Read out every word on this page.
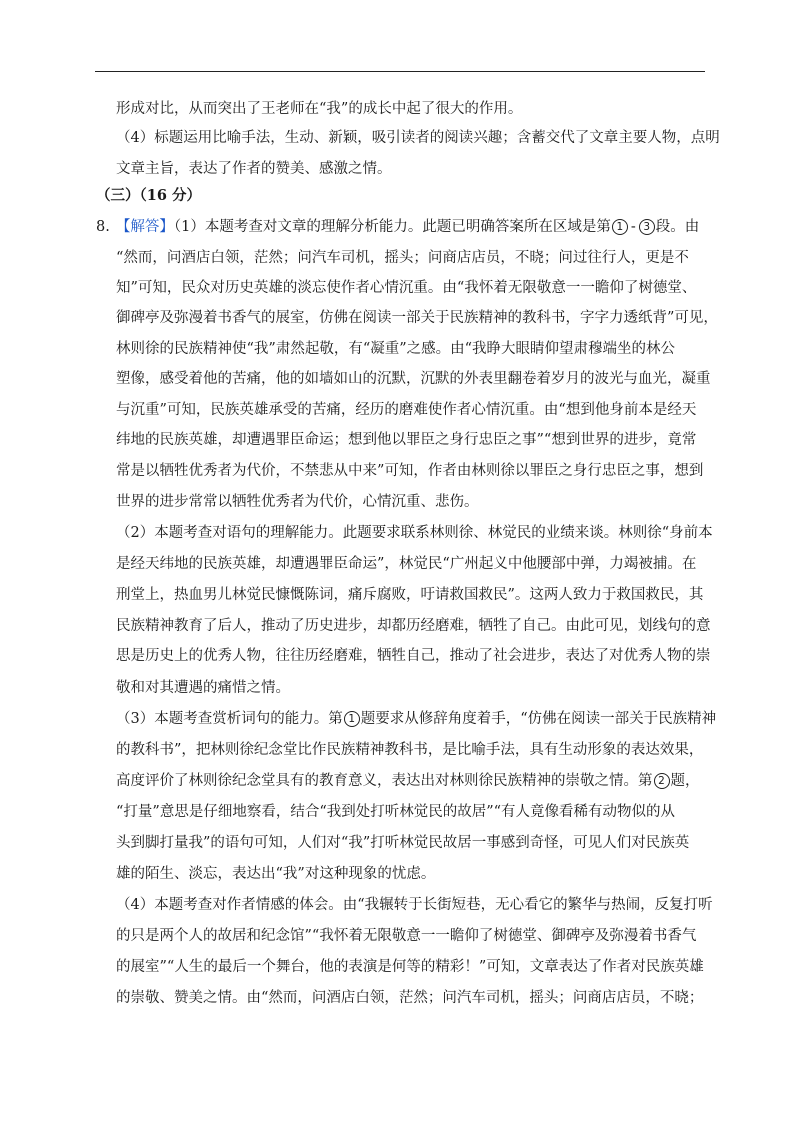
形成对比，从而突出了王老师在“我”的成长中起了很大的作用。
（4）标题运用比喻手法，生动、新颖，吸引读者的阅读兴趣；含蓄交代了文章主要人物，点明
文章主旨，表达了作者的赞美、感激之情。
（三）（16 分）
8. 【解答】（1）本题考查对文章的理解分析能力。此题已明确答案所在区域是第 1 - 3 段。由
“然而，问酒店白领，茫然；问汽车司机，摇头；问商店店员，不晓；问过往行人，更是不
知”可知，民众对历史英雄的淡忘使作者心情沉重。由“我怀着无限敬意一一瞻仰了树德堂、
御碑亭及弥漫着书香气的展室，仿佛在阅读一部关于民族精神的教科书，字字力透纸背”可见，
林则徐的民族精神使“我”肃然起敬，有“凝重”之感。由“我睁大眼睛仰望肃穆端坐的林公
塑像，感受着他的苦痛，他的如墙如山的沉默，沉默的外表里翻卷着岁月的波光与血光，凝重
与沉重”可知，民族英雄承受的苦痛，经历的磨难使作者心情沉重。由“想到他身前本是经天
纬地的民族英雄，却遭遇罪臣命运；想到他以罪臣之身行忠臣之事”“想到世界的进步，竟常
常是以牺牲优秀者为代价，不禁悲从中来”可知，作者由林则徐以罪臣之身行忠臣之事，想到
世界的进步常常以牺牲优秀者为代价，心情沉重、悲伤。
（2）本题考查对语句的理解能力。此题要求联系林则徐、林觉民的业绩来谈。林则徐“身前本
是经天纬地的民族英雄，却遭遇罪臣命运”，林觉民“广州起义中他腰部中弹，力竭被捕。在
刑堂上，热血男儿林觉民慷慨陈词，痛斥腐败，吁请救国救民”。这两人致力于救国救民，其
民族精神教育了后人，推动了历史进步，却都历经磨难，牺牲了自己。由此可见，划线句的意
思是历史上的优秀人物，往往历经磨难，牺牲自己，推动了社会进步，表达了对优秀人物的崇
敬和对其遭遇的痛惜之情。
（3）本题考查赏析词句的能力。第 1 题要求从修辞角度着手，“仿佛在阅读一部关于民族精神
的教科书”，把林则徐纪念堂比作民族精神教科书，是比喻手法，具有生动形象的表达效果，
高度评价了林则徐纪念堂具有的教育意义，表达出对林则徐民族精神的崇敬之情。第 2 题，
“打量”意思是仔细地察看，结合“我到处打听林觉民的故居”“有人竟像看稀有动物似的从
头到脚打量我”的语句可知，人们对“我”打听林觉民故居一事感到奇怪，可见人们对民族英
雄的陌生、淡忘，表达出“我”对这种现象的忧虑。
（4）本题考查对作者情感的体会。由“我辗转于长街短巷，无心看它的繁华与热闹，反复打听
的只是两个人的故居和纪念馆”“我怀着无限敬意一一瞻仰了树德堂、御碑亭及弥漫着书香气
的展室”“人生的最后一个舞台，他的表演是何等的精彩！”可知，文章表达了作者对民族英雄
的崇敬、赞美之情。由“然而，问酒店白领，茫然；问汽车司机，摇头；问商店店员，不晓；
